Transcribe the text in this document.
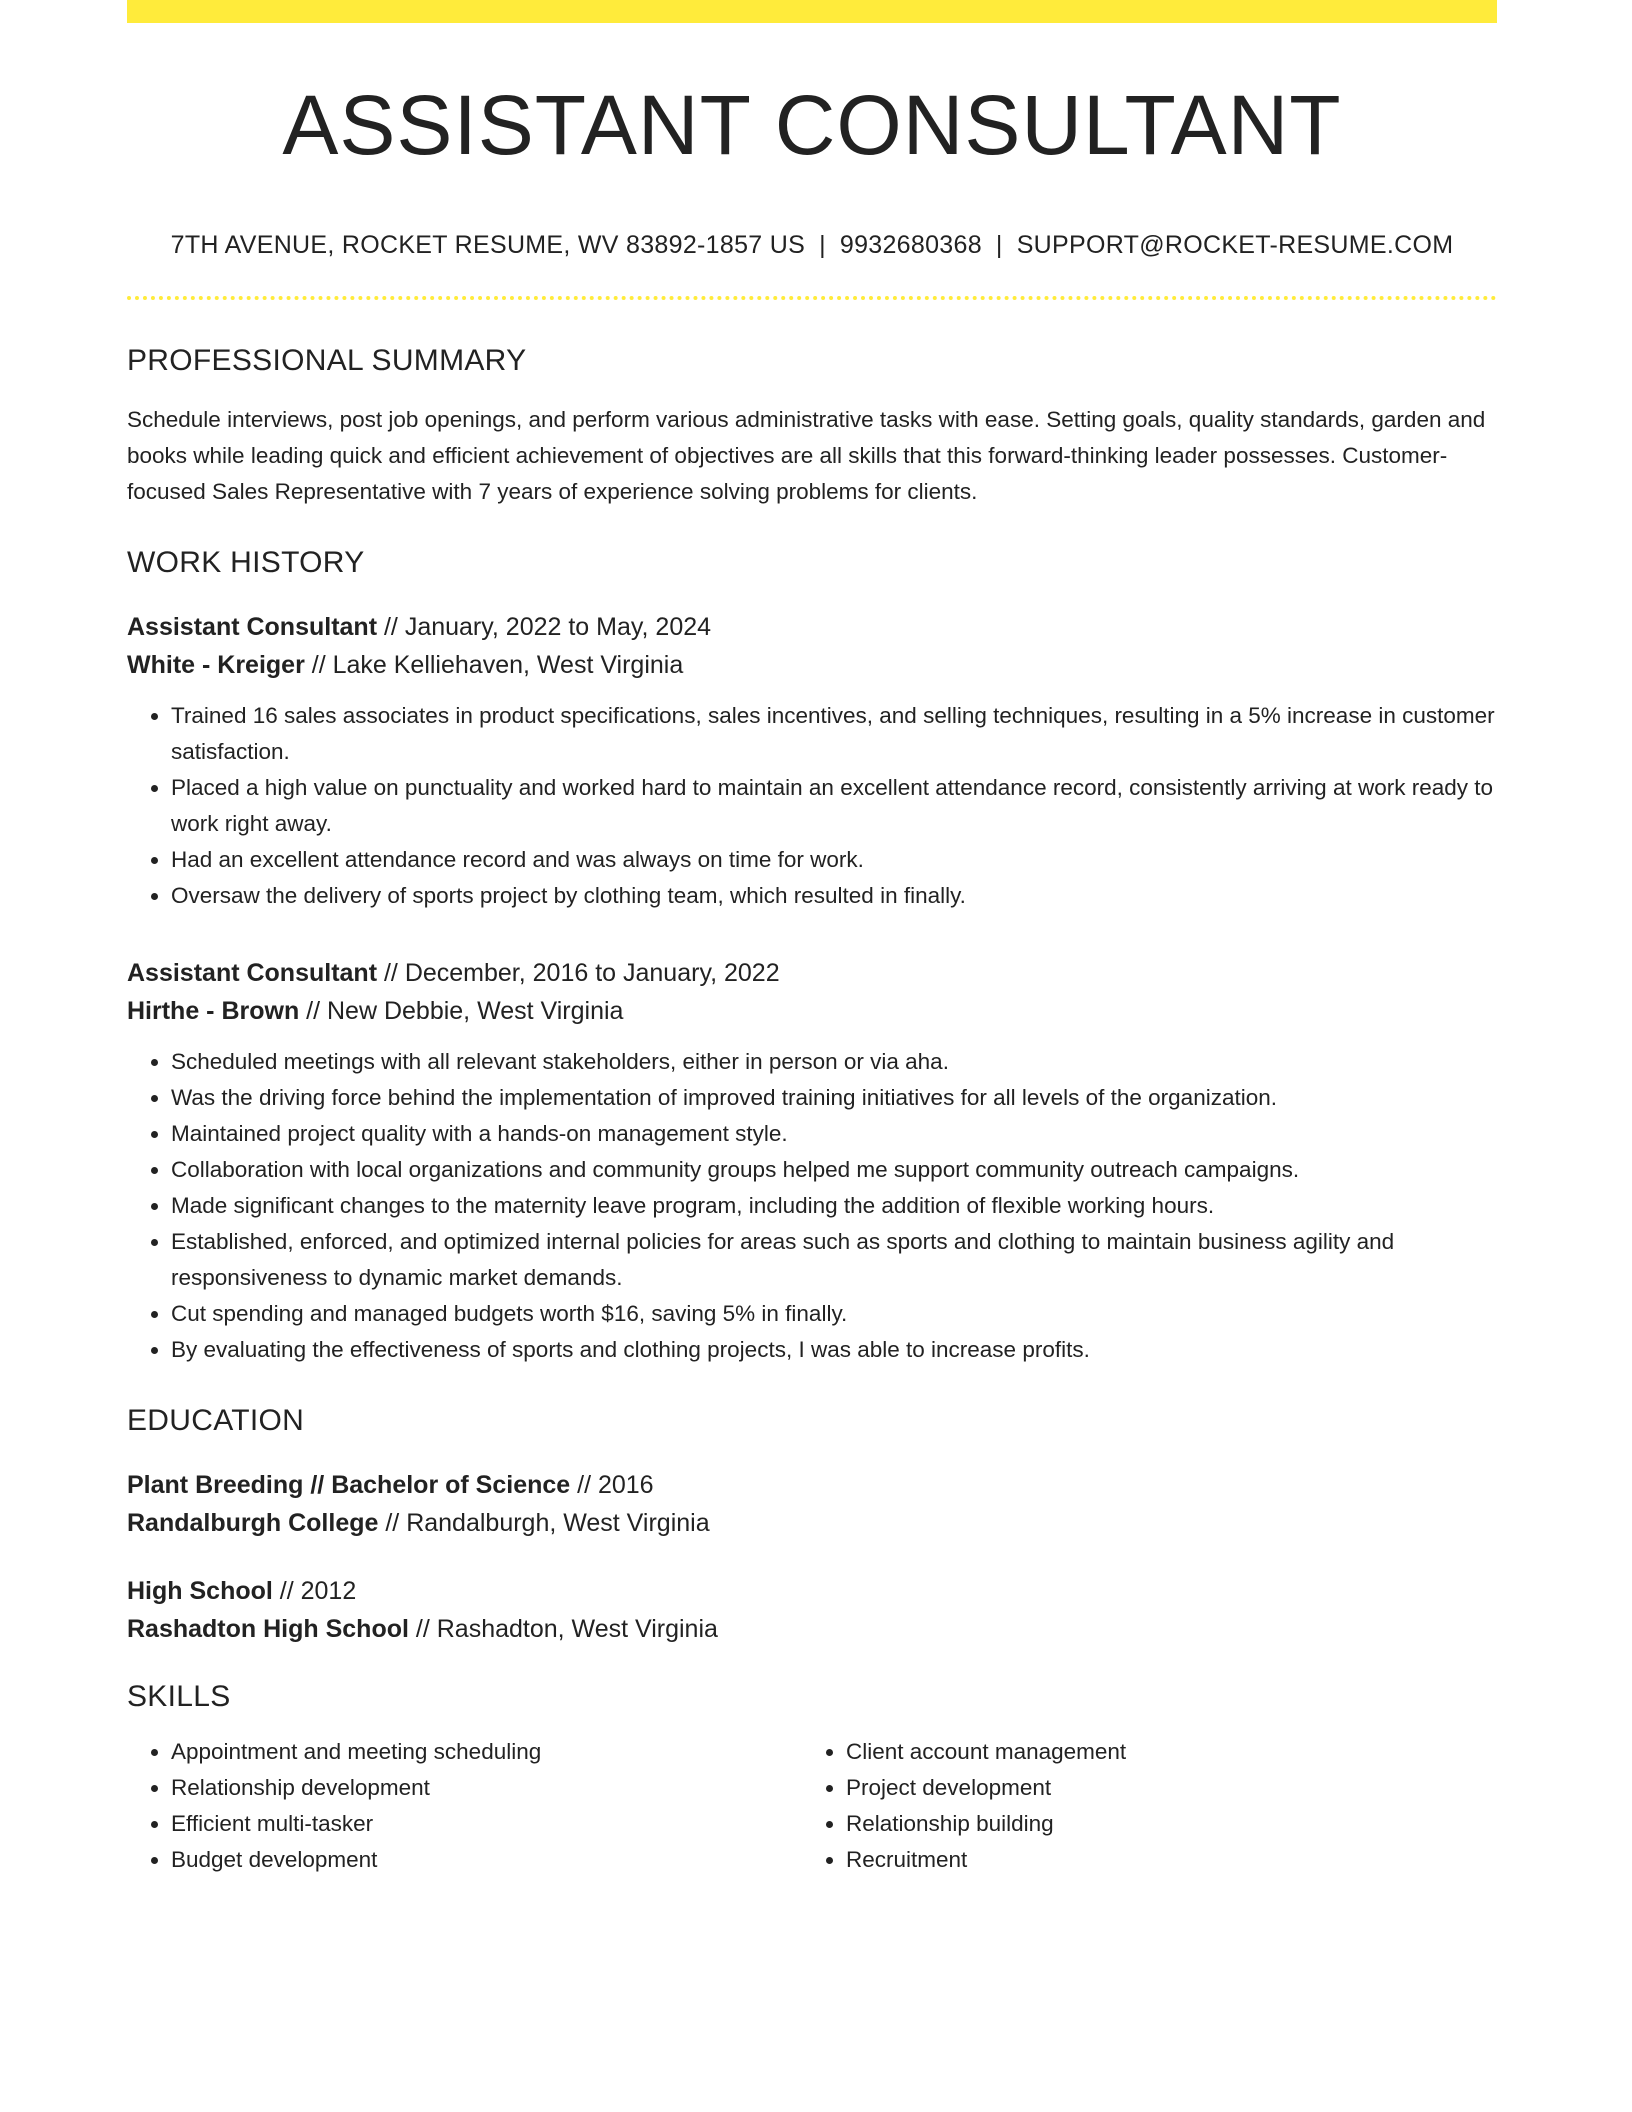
ASSISTANT CONSULTANT
7TH AVENUE, ROCKET RESUME, WV 83892-1857 US | 9932680368 | SUPPORT@ROCKET-RESUME.COM
PROFESSIONAL SUMMARY
Schedule interviews, post job openings, and perform various administrative tasks with ease. Setting goals, quality standards, garden and books while leading quick and efficient achievement of objectives are all skills that this forward-thinking leader possesses. Customer-focused Sales Representative with 7 years of experience solving problems for clients.
WORK HISTORY
Assistant Consultant // January, 2022 to May, 2024
White - Kreiger // Lake Kelliehaven, West Virginia
• Trained 16 sales associates in product specifications, sales incentives, and selling techniques, resulting in a 5% increase in customer satisfaction.
• Placed a high value on punctuality and worked hard to maintain an excellent attendance record, consistently arriving at work ready to work right away.
• Had an excellent attendance record and was always on time for work.
• Oversaw the delivery of sports project by clothing team, which resulted in finally.
Assistant Consultant // December, 2016 to January, 2022
Hirthe - Brown // New Debbie, West Virginia
• Scheduled meetings with all relevant stakeholders, either in person or via aha.
• Was the driving force behind the implementation of improved training initiatives for all levels of the organization.
• Maintained project quality with a hands-on management style.
• Collaboration with local organizations and community groups helped me support community outreach campaigns.
• Made significant changes to the maternity leave program, including the addition of flexible working hours.
• Established, enforced, and optimized internal policies for areas such as sports and clothing to maintain business agility and responsiveness to dynamic market demands.
• Cut spending and managed budgets worth $16, saving 5% in finally.
• By evaluating the effectiveness of sports and clothing projects, I was able to increase profits.
EDUCATION
Plant Breeding // Bachelor of Science // 2016
Randalburgh College // Randalburgh, West Virginia
High School // 2012
Rashadton High School // Rashadton, West Virginia
SKILLS
• Appointment and meeting scheduling
• Relationship development
• Efficient multi-tasker
• Budget development
• Client account management
• Project development
• Relationship building
• Recruitment
